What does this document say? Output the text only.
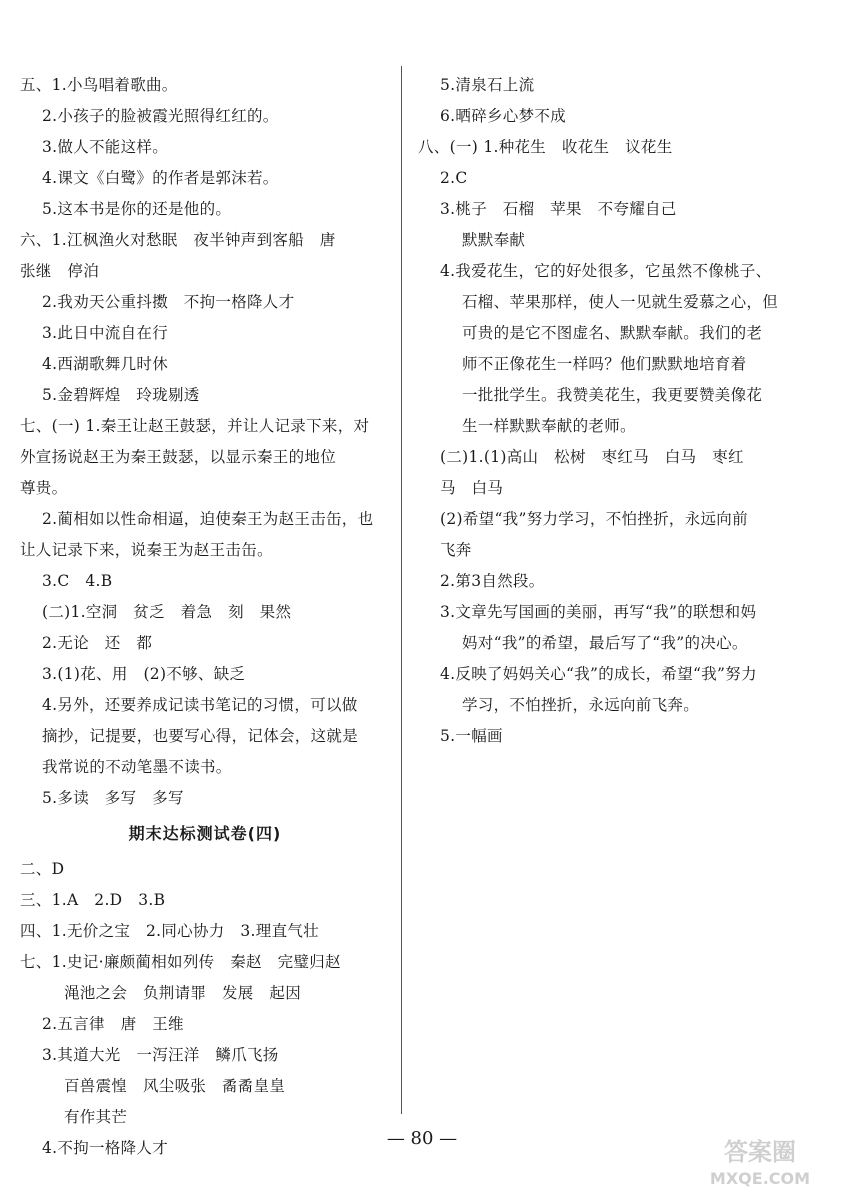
五、1.小鸟唱着歌曲。
2.小孩子的脸被霞光照得红红的。
3.做人不能这样。
4.课文《白鹭》的作者是郭沫若。
5.这本书是你的还是他的。
六、1.江枫渔火对愁眠　夜半钟声到客船　唐
张继　停泊
2.我劝天公重抖擞　不拘一格降人才
3.此日中流自在行
4.西湖歌舞几时休
5.金碧辉煌　玲珑剔透
七、(一) 1.秦王让赵王鼓瑟，并让人记录下来，对
外宣扬说赵王为秦王鼓瑟，以显示秦王的地位
尊贵。
2.蔺相如以性命相逼，迫使秦王为赵王击缶，也
让人记录下来，说秦王为赵王击缶。
3.C　4.B
(二)1.空洞　贫乏　着急　刻　果然
2.无论　还　都
3.(1)花、用　(2)不够、缺乏
4.另外，还要养成记读书笔记的习惯，可以做
摘抄，记提要，也要写心得，记体会，这就是
我常说的不动笔墨不读书。
5.多读　多写　多写
期末达标测试卷(四)
二、D
三、1.A　2.D　3.B
四、1.无价之宝　2.同心协力　3.理直气壮
七、1.史记·廉颇蔺相如列传　秦赵　完璧归赵
渑池之会　负荆请罪　发展　起因
2.五言律　唐　王维
3.其道大光　一泻汪洋　鳞爪飞扬
百兽震惶　风尘吸张　矞矞皇皇
有作其芒
4.不拘一格降人才
5.清泉石上流
6.晒碎乡心梦不成
八、(一) 1.种花生　收花生　议花生
2.C
3.桃子　石榴　苹果　不夸耀自己
默默奉献
4.我爱花生，它的好处很多，它虽然不像桃子、
石榴、苹果那样，使人一见就生爱慕之心，但
可贵的是它不图虚名、默默奉献。我们的老
师不正像花生一样吗？他们默默地培育着
一批批学生。我赞美花生，我更要赞美像花
生一样默默奉献的老师。
(二)1.(1)高山　松树　枣红马　白马　枣红
马　白马
(2)希望“我”努力学习，不怕挫折，永远向前
飞奔
2.第3自然段。
3.文章先写国画的美丽，再写“我”的联想和妈
妈对“我”的希望，最后写了“我”的决心。
4.反映了妈妈关心“我”的成长，希望“我”努力
学习，不怕挫折，永远向前飞奔。
5.一幅画
— 80 —	答案圈
MXQE.COM
